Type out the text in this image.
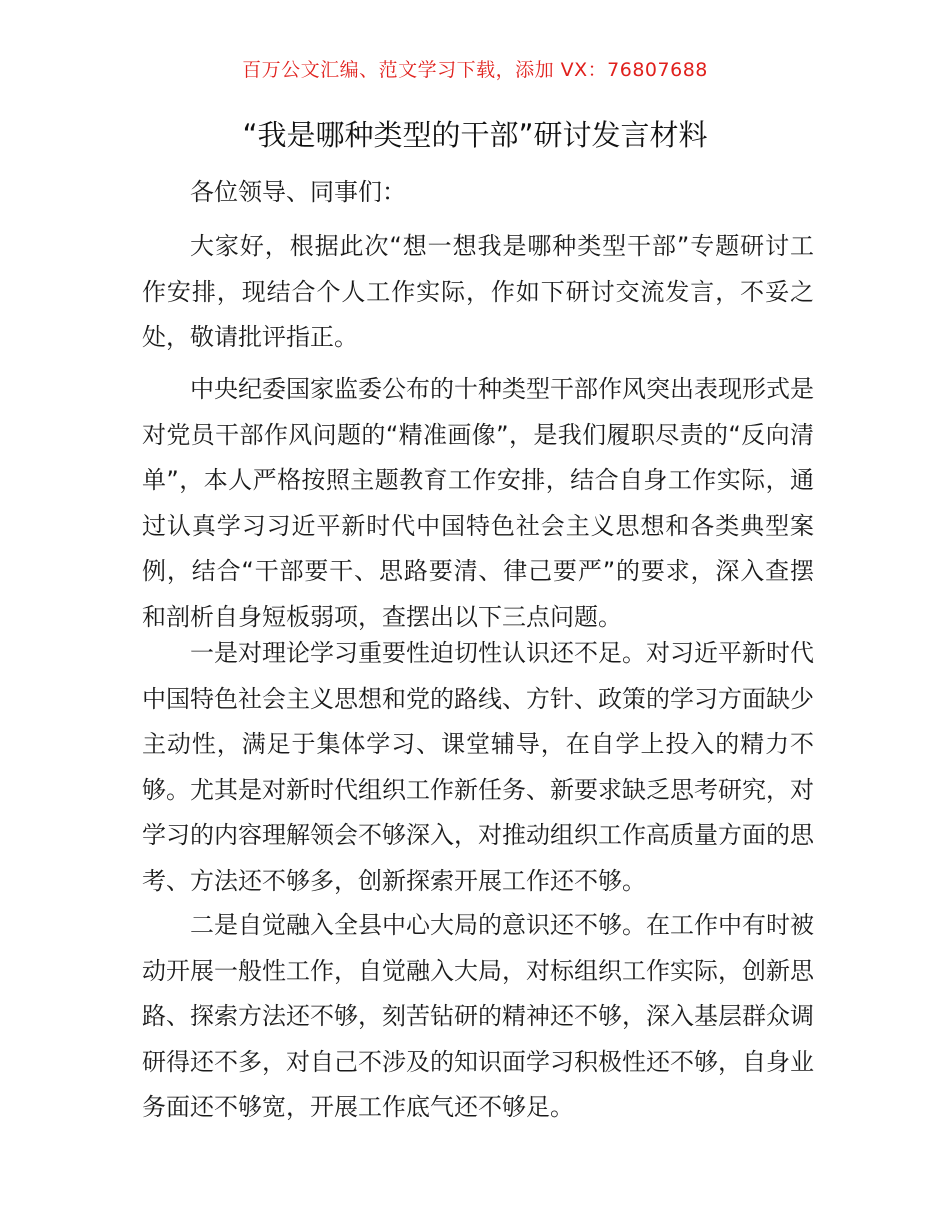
百万公文汇编、范文学习下载，添加 VX：76807688
“我是哪种类型的干部”研讨发言材料
各位领导、同事们：
大家好，根据此次“想一想我是哪种类型干部”专题研讨工作安排，现结合个人工作实际，作如下研讨交流发言，不妥之处，敬请批评指正。
中央纪委国家监委公布的十种类型干部作风突出表现形式是对党员干部作风问题的“精准画像”，是我们履职尽责的“反向清单”，本人严格按照主题教育工作安排，结合自身工作实际，通过认真学习习近平新时代中国特色社会主义思想和各类典型案例，结合“干部要干、思路要清、律己要严”的要求，深入查摆和剖析自身短板弱项，查摆出以下三点问题。
一是对理论学习重要性迫切性认识还不足。对习近平新时代中国特色社会主义思想和党的路线、方针、政策的学习方面缺少主动性，满足于集体学习、课堂辅导，在自学上投入的精力不够。尤其是对新时代组织工作新任务、新要求缺乏思考研究，对学习的内容理解领会不够深入，对推动组织工作高质量方面的思考、方法还不够多，创新探索开展工作还不够。
二是自觉融入全县中心大局的意识还不够。在工作中有时被动开展一般性工作，自觉融入大局，对标组织工作实际，创新思路、探索方法还不够，刻苦钻研的精神还不够，深入基层群众调研得还不多，对自己不涉及的知识面学习积极性还不够，自身业务面还不够宽，开展工作底气还不够足。
